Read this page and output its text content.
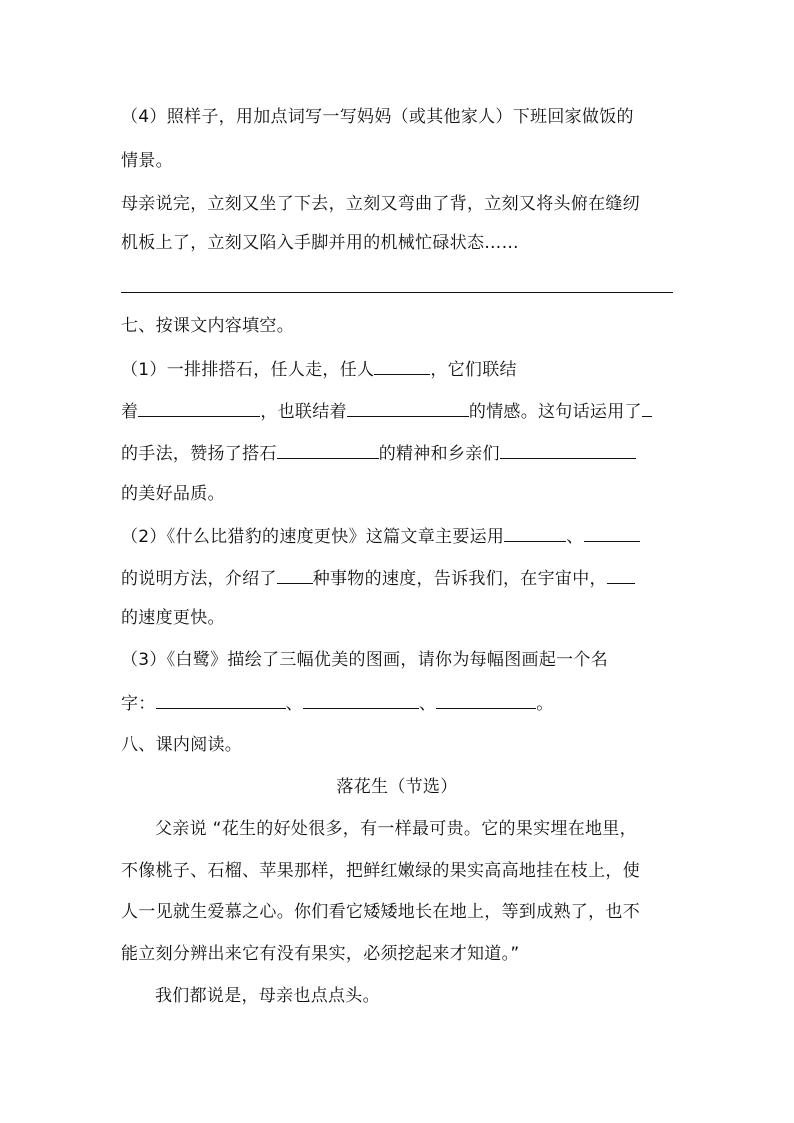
（4）照样子，用加点词写一写妈妈（或其他家人）下班回家做饭的
情景。
母亲说完，立刻又坐了下去，立刻又弯曲了背，立刻又将头俯在缝纫
机板上了，立刻又陷入手脚并用的机械忙碌状态……
七、按课文内容填空。
（1）一排排搭石，任人走，任人	，它们联结
着	，也联结着	的情感。这句话运用了
的手法，赞扬了搭石	的精神和乡亲们
的美好品质。
（2）《什么比猎豹的速度更快》这篇文章主要运用	、
的说明方法，介绍了 种事物的速度，告诉我们，在宇宙中，
的速度更快。
（3）《白鹭》描绘了三幅优美的图画，请你为每幅图画起一个名
字：	、	、	。
八、课内阅读。
落花生（节选）
父亲说 “花生的好处很多，有一样最可贵。它的果实埋在地里，
不像桃子、石榴、苹果那样，把鲜红嫩绿的果实高高地挂在枝上，使
人一见就生爱慕之心。你们看它矮矮地长在地上，等到成熟了，也不
能立刻分辨出来它有没有果实，必须挖起来才知道。”
我们都说是，母亲也点点头。
